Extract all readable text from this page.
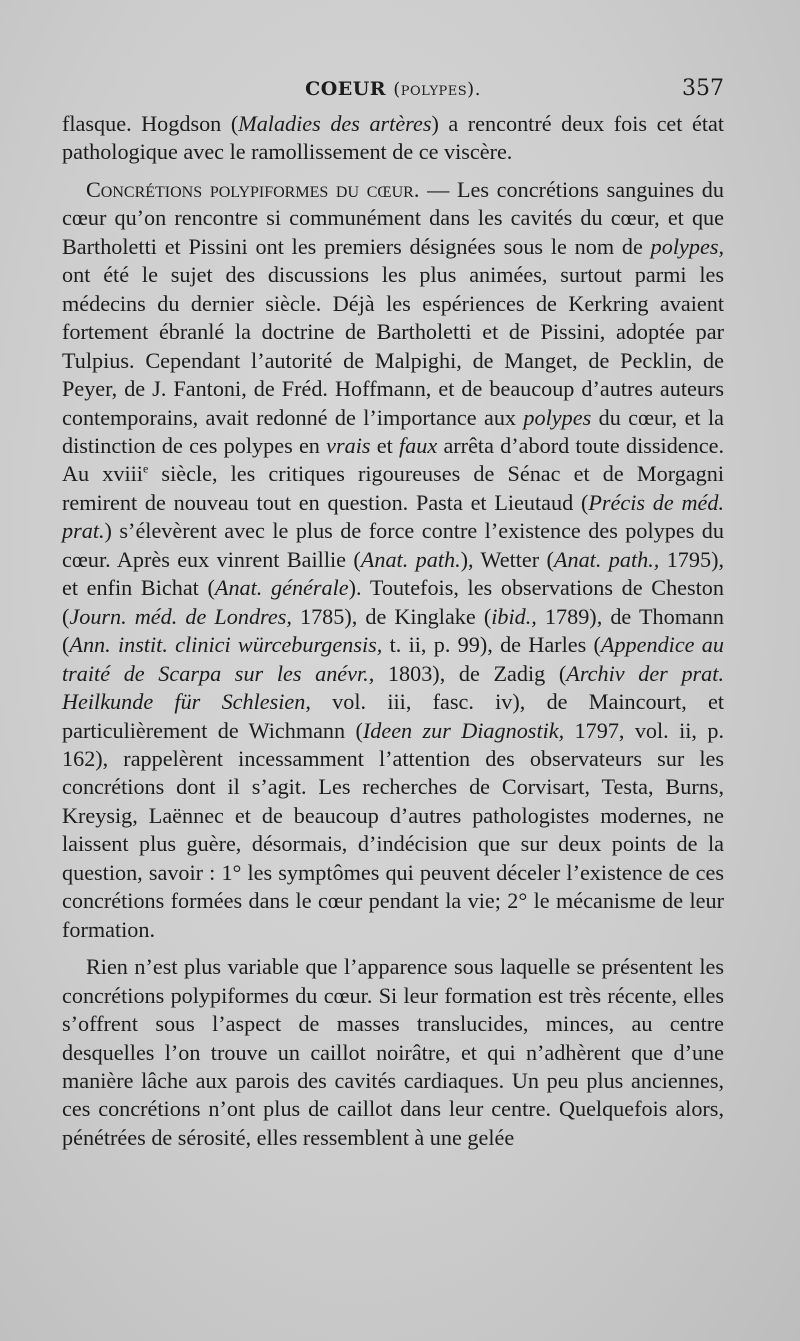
COEUR (polypes).	357

flasque. Hogdson (Maladies des artères) a rencontré deux fois cet état pathologique avec le ramollissement de ce viscère.

Concrétions polypiformes du cœur. — Les concrétions sanguines du cœur qu’on rencontre si communément dans les cavités du cœur, et que Bartholetti et Pissini ont les premiers désignées sous le nom de polypes, ont été le sujet des discussions les plus animées, surtout parmi les médecins du dernier siècle. Déjà les espériences de Kerkring avaient fortement ébranlé la doctrine de Bartholetti et de Pissini, adoptée par Tulpius. Cependant l’autorité de Malpighi, de Manget, de Pecklin, de Peyer, de J. Fantoni, de Fréd. Hoffmann, et de beaucoup d’autres auteurs contemporains, avait redonné de l’importance aux polypes du cœur, et la distinction de ces polypes en vrais et faux arrêta d’abord toute dissidence. Au xviii$^e$ siècle, les critiques rigoureuses de Sénac et de Morgagni remirent de nouveau tout en question. Pasta et Lieutaud (Précis de méd. prat.) s’élevèrent avec le plus de force contre l’existence des polypes du cœur. Après eux vinrent Baillie (Anat. path.), Wetter (Anat. path., 1795), et enfin Bichat (Anat. générale). Toutefois, les observations de Cheston (Journ. méd. de Londres, 1785), de Kinglake (ibid., 1789), de Thomann (Ann. instit. clinici würceburgensis, t. ii, p. 99), de Harles (Appendice au traité de Scarpa sur les anévr., 1803), de Zadig (Archiv der prat. Heilkunde für Schlesien, vol. iii, fasc. iv), de Maincourt, et particulièrement de Wichmann (Ideen zur Diagnostik, 1797, vol. ii, p. 162), rappelèrent incessamment l’attention des observateurs sur les concrétions dont il s’agit. Les recherches de Corvisart, Testa, Burns, Kreysig, Laënnec et de beaucoup d’autres pathologistes modernes, ne laissent plus guère, désormais, d’indécision que sur deux points de la question, savoir : 1° les symptômes qui peuvent déceler l’existence de ces concrétions formées dans le cœur pendant la vie; 2° le mécanisme de leur formation.

Rien n’est plus variable que l’apparence sous laquelle se présentent les concrétions polypiformes du cœur. Si leur formation est très récente, elles s’offrent sous l’aspect de masses translucides, minces, au centre desquelles l’on trouve un caillot noirâtre, et qui n’adhèrent que d’une manière lâche aux parois des cavités cardiaques. Un peu plus anciennes, ces concrétions n’ont plus de caillot dans leur centre. Quelquefois alors, pénétrées de sérosité, elles ressemblent à une gelée
